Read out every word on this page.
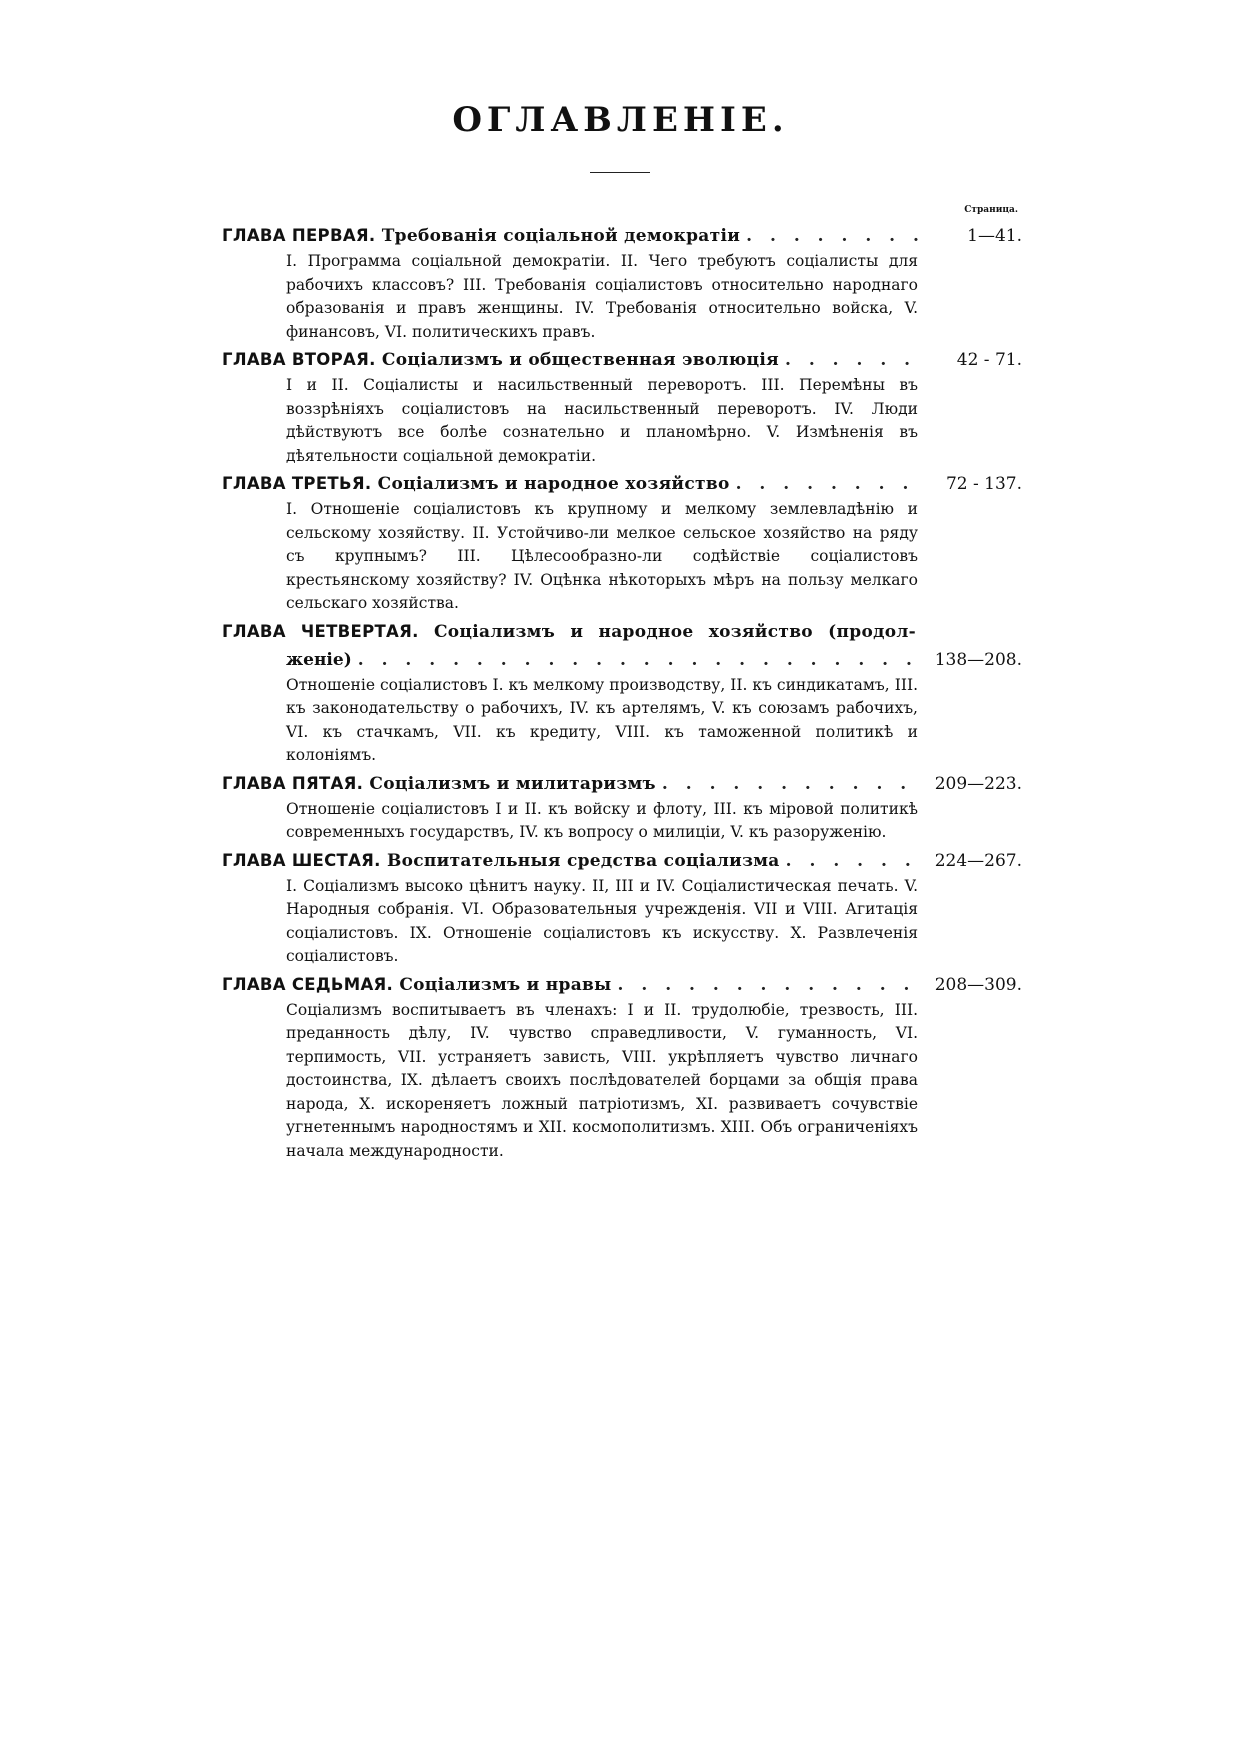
ОГЛАВЛЕНІЕ.
Страница.
ГЛАВА ПЕРВАЯ. Требованія соціальной демократіи . . .	1—41.
I. Программа соціальной демократіи. II. Чего требуютъ соціалисты для рабочихъ классовъ? III. Требованія соціалистовъ относительно народнаго образованія и правъ женщины. IV. Требованія относительно войска, V. финансовъ, VI. политическихъ правъ.
ГЛАВА ВТОРАЯ. Соціализмъ и общественная эволюція . . .	42 - 71.
I и II. Соціалисты и насильственный переворотъ. III. Перемѣны въ воззрѣніяхъ соціалистовъ на насильственный переворотъ. IV. Люди дѣйствуютъ все болѣе сознательно и планомѣрно. V. Измѣненія въ дѣятельности соціальной демократіи.
ГЛАВА ТРЕТЬЯ. Соціализмъ и народное хозяйство . . .	72 - 137.
I. Отношеніе соціалистовъ къ крупному и мелкому землевладѣнію и сельскому хозяйству. II. Устойчиво-ли мелкое сельское хозяйство на ряду съ крупнымъ? III. Цѣлесообразно-ли содѣйствіе соціалистовъ крестьянскому хозяйству? IV. Оцѣнка нѣкоторыхъ мѣръ на пользу мелкаго сельскаго хозяйства.
ГЛАВА ЧЕТВЕРТАЯ. Соціализмъ и народное хозяйство (продол-
женіе) . . .	138—208.
Отношеніе соціалистовъ I. къ мелкому производству, II. къ синдикатамъ, III. къ законодательству о рабочихъ, IV. къ артелямъ, V. къ союзамъ рабочихъ, VI. къ стачкамъ, VII. къ кредиту, VIII. къ таможенной политикѣ и колоніямъ.
ГЛАВА ПЯТАЯ. Соціализмъ и милитаризмъ . . .	209—223.
Отношеніе соціалистовъ I и II. къ войску и флоту, III. къ міровой политикѣ современныхъ государствъ, IV. къ вопросу о милиціи, V. къ разоруженію.
ГЛАВА ШЕСТАЯ. Воспитательныя средства соціализма . . .	224—267.
I. Соціализмъ высоко цѣнитъ науку. II, III и IV. Соціалистическая печать. V. Народныя собранія. VI. Образовательныя учрежденія. VII и VIII. Агитація соціалистовъ. IX. Отношеніе соціалистовъ къ искусству. X. Развлеченія соціалистовъ.
ГЛАВА СЕДЬМАЯ. Соціализмъ и нравы . . .	208—309.
Соціализмъ воспитываетъ въ членахъ: I и II. трудолюбіе, трезвость, III. преданность дѣлу, IV. чувство справедливости, V. гуманность, VI. терпимость, VII. устраняетъ зависть, VIII. укрѣпляетъ чувство личнаго достоинства, IX. дѣлаетъ своихъ послѣдователей борцами за общія права народа, X. искореняетъ ложный патріотизмъ, XI. развиваетъ сочувствіе угнетеннымъ народностямъ и XII. космополитизмъ. XIII. Объ ограниченіяхъ начала международности.
